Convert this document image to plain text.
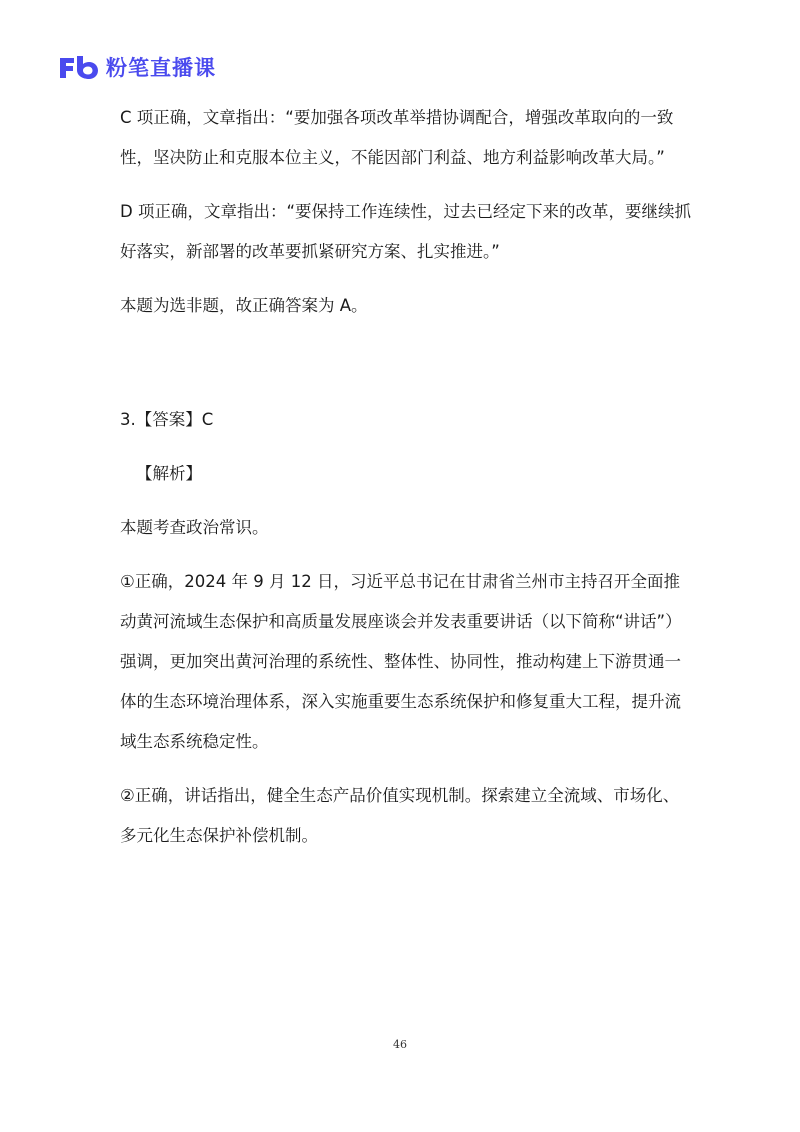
粉笔直播课

C 项正确，文章指出：“要加强各项改革举措协调配合，增强改革取向的一致性，坚决防止和克服本位主义，不能因部门利益、地方利益影响改革大局。”

D 项正确，文章指出：“要保持工作连续性，过去已经定下来的改革，要继续抓好落实，新部署的改革要抓紧研究方案、扎实推进。”

本题为选非题，故正确答案为 A。

3.【答案】C

【解析】

本题考查政治常识。

①正确，2024 年 9 月 12 日，习近平总书记在甘肃省兰州市主持召开全面推动黄河流域生态保护和高质量发展座谈会并发表重要讲话（以下简称“讲话”）强调，更加突出黄河治理的系统性、整体性、协同性，推动构建上下游贯通一体的生态环境治理体系，深入实施重要生态系统保护和修复重大工程，提升流域生态系统稳定性。

②正确，讲话指出，健全生态产品价值实现机制。探索建立全流域、市场化、多元化生态保护补偿机制。

46
